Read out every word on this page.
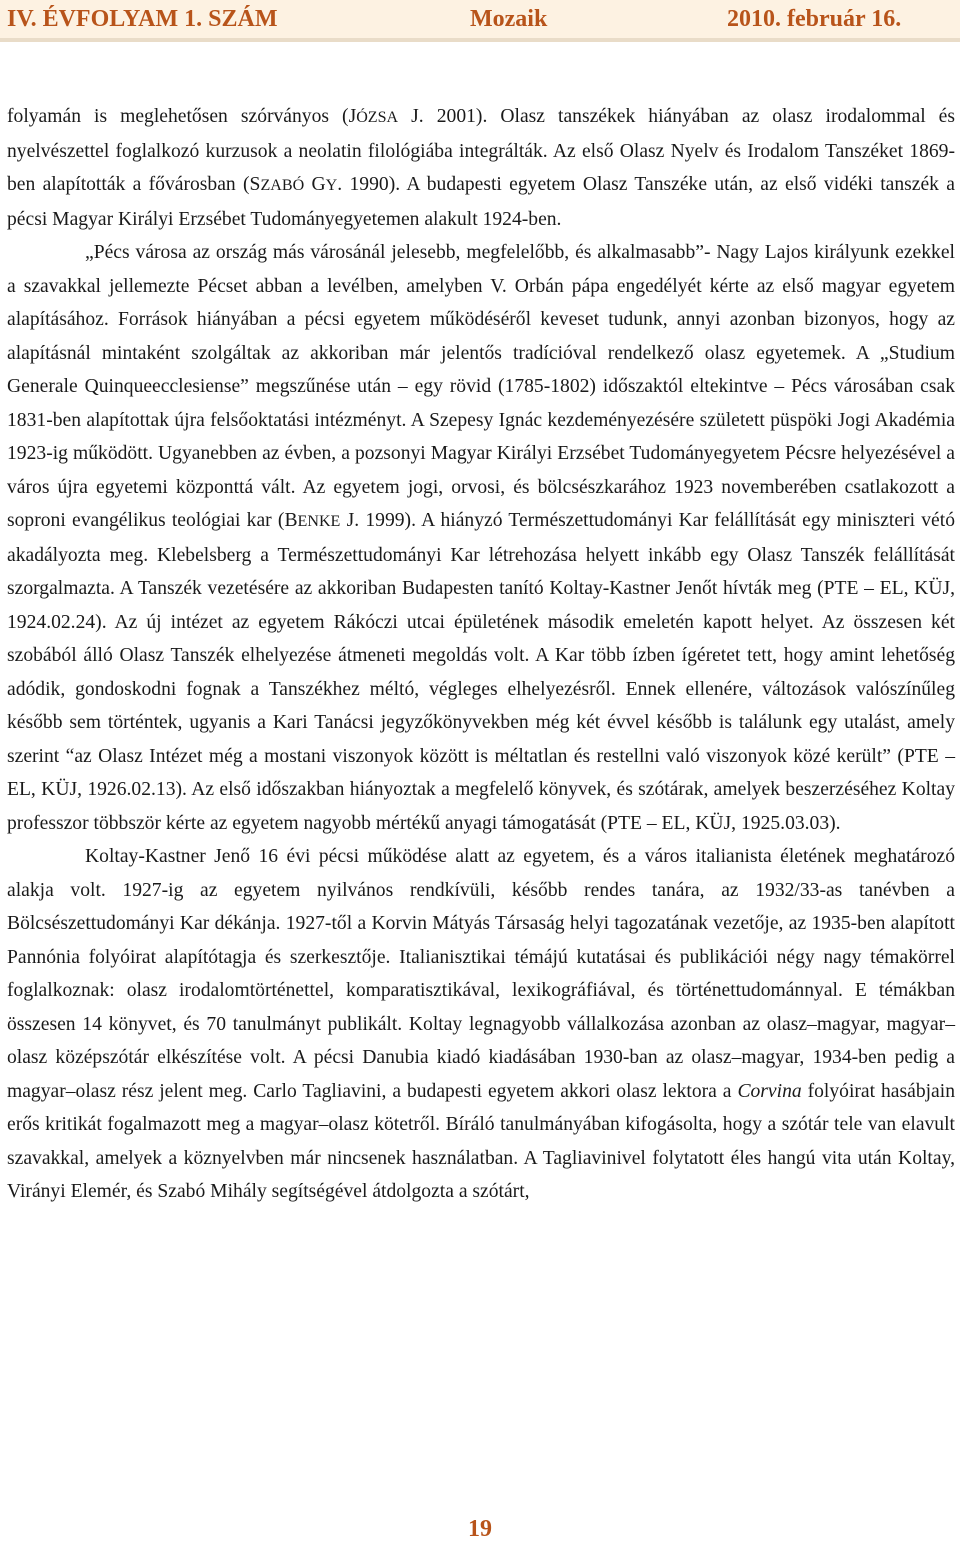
IV. ÉVFOLYAM 1. SZÁM	Mozaik	2010. február 16.

folyamán is meglehetősen szórványos (JÓZSA J. 2001). Olasz tanszékek hiányában az olasz irodalommal és nyelvészettel foglalkozó kurzusok a neolatin filológiába integrálták. Az első Olasz Nyelv és Irodalom Tanszéket 1869-ben alapították a fővárosban (SZABÓ GY. 1990). A budapesti egyetem Olasz Tanszéke után, az első vidéki tanszék a pécsi Magyar Királyi Erzsébet Tudományegyetemen alakult 1924-ben.

„Pécs városa az ország más városánál jelesebb, megfelelőbb, és alkalmasabb”- Nagy Lajos királyunk ezekkel a szavakkal jellemezte Pécset abban a levélben, amelyben V. Orbán pápa engedélyét kérte az első magyar egyetem alapításához. Források hiányában a pécsi egyetem működéséről keveset tudunk, annyi azonban bizonyos, hogy az alapításnál mintaként szolgáltak az akkoriban már jelentős tradícióval rendelkező olasz egyetemek. A „Studium Generale Quinqueecclesiense” megszűnése után – egy rövid (1785-1802) időszaktól eltekintve – Pécs városában csak 1831-ben alapítottak újra felsőoktatási intézményt. A Szepesy Ignác kezdeményezésére született püspöki Jogi Akadémia 1923-ig működött. Ugyanebben az évben, a pozsonyi Magyar Királyi Erzsébet Tudományegyetem Pécsre helyezésével a város újra egyetemi központtá vált. Az egyetem jogi, orvosi, és bölcsészkarához 1923 novemberében csatlakozott a soproni evangélikus teológiai kar (BENKE J. 1999). A hiányzó Természettudományi Kar felállítását egy miniszteri vétó akadályozta meg. Klebelsberg a Természettudományi Kar létrehozása helyett inkább egy Olasz Tanszék felállítását szorgalmazta. A Tanszék vezetésére az akkoriban Budapesten tanító Koltay-Kastner Jenőt hívták meg (PTE – EL, KÜJ, 1924.02.24). Az új intézet az egyetem Rákóczi utcai épületének második emeletén kapott helyet. Az összesen két szobából álló Olasz Tanszék elhelyezése átmeneti megoldás volt. A Kar több ízben ígéretet tett, hogy amint lehetőség adódik, gondoskodni fognak a Tanszékhez méltó, végleges elhelyezésről. Ennek ellenére, változások valószínűleg később sem történtek, ugyanis a Kari Tanácsi jegyzőkönyvekben még két évvel később is találunk egy utalást, amely szerint “az Olasz Intézet még a mostani viszonyok között is méltatlan és restellni való viszonyok közé került” (PTE – EL, KÜJ, 1926.02.13). Az első időszakban hiányoztak a megfelelő könyvek, és szótárak, amelyek beszerzéséhez Koltay professzor többször kérte az egyetem nagyobb mértékű anyagi támogatását (PTE – EL, KÜJ, 1925.03.03).

Koltay-Kastner Jenő 16 évi pécsi működése alatt az egyetem, és a város italianista életének meghatározó alakja volt. 1927-ig az egyetem nyilvános rendkívüli, később rendes tanára, az 1932/33-as tanévben a Bölcsészettudományi Kar dékánja. 1927-től a Korvin Mátyás Társaság helyi tagozatának vezetője, az 1935-ben alapított Pannónia folyóirat alapítótagja és szerkesztője. Italianisztikai témájú kutatásai és publikációi négy nagy témakörrel foglalkoznak: olasz irodalomtörténettel, komparatisztikával, lexikográfiával, és történettudománnyal. E témákban összesen 14 könyvet, és 70 tanulmányt publikált. Koltay legnagyobb vállalkozása azonban az olasz–magyar, magyar–olasz középszótár elkészítése volt. A pécsi Danubia kiadó kiadásában 1930-ban az olasz–magyar, 1934-ben pedig a magyar–olasz rész jelent meg. Carlo Tagliavini, a budapesti egyetem akkori olasz lektora a Corvina folyóirat hasábjain erős kritikát fogalmazott meg a magyar–olasz kötetről. Bíráló tanulmányában kifogásolta, hogy a szótár tele van elavult szavakkal, amelyek a köznyelvben már nincsenek használatban. A Tagliavinivel folytatott éles hangú vita után Koltay, Virányi Elemér, és Szabó Mihály segítségével átdolgozta a szótárt,

19
